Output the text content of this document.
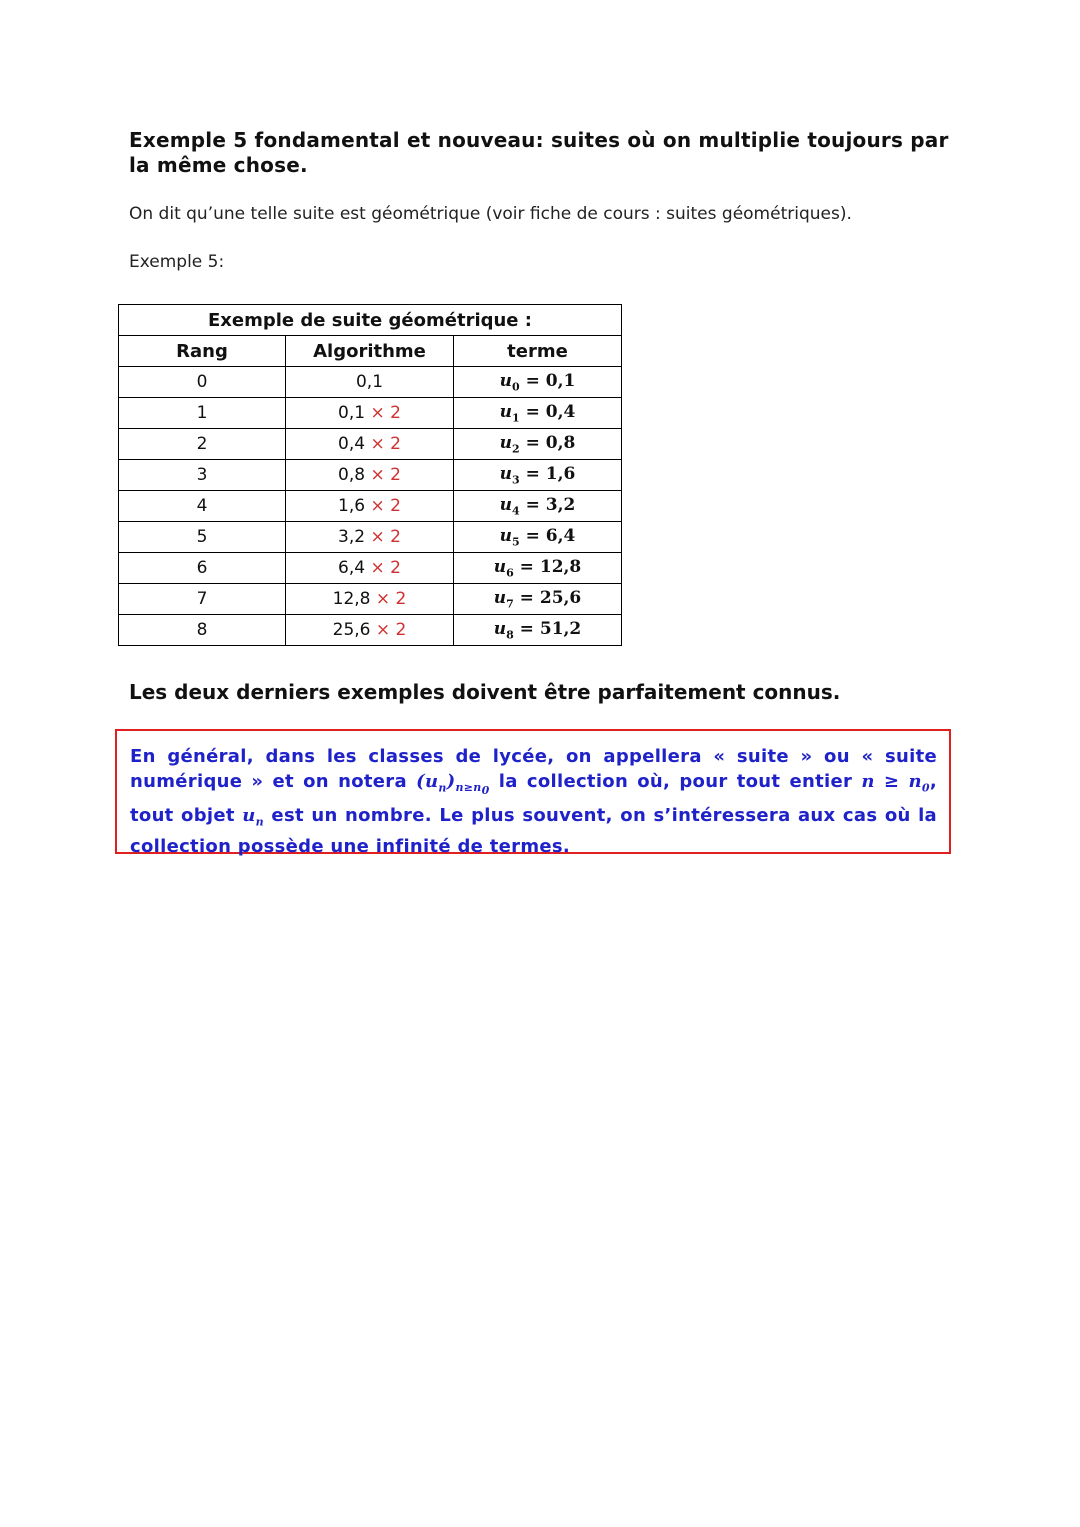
Exemple 5 fondamental et nouveau: suites où on multiplie toujours par la même chose.
On dit qu’une telle suite est géométrique (voir fiche de cours : suites géométriques).
Exemple 5:
Exemple de suite géométrique :		
Rang	Algorithme	terme
0	0,1	$u_0 = 0,1$
1	0,1 × 2	$u_1 = 0,4$
2	0,4 × 2	$u_2 = 0,8$
3	0,8 × 2	$u_3 = 1,6$
4	1,6 × 2	$u_4 = 3,2$
5	3,2 × 2	$u_5 = 6,4$
6	6,4 × 2	$u_6 = 12,8$
7	12,8 × 2	$u_7 = 25,6$
8	25,6 × 2	$u_8 = 51,2$
Les deux derniers exemples doivent être parfaitement connus.
En général, dans les classes de lycée, on appellera « suite » ou « suite numérique » et on notera $(u_n)_{n\ge n_0}$ la collection où, pour tout entier $n \ge n_0$, tout objet $u_n$ est un nombre. Le plus souvent, on s’intéressera aux cas où la collection possède une infinité de termes.
